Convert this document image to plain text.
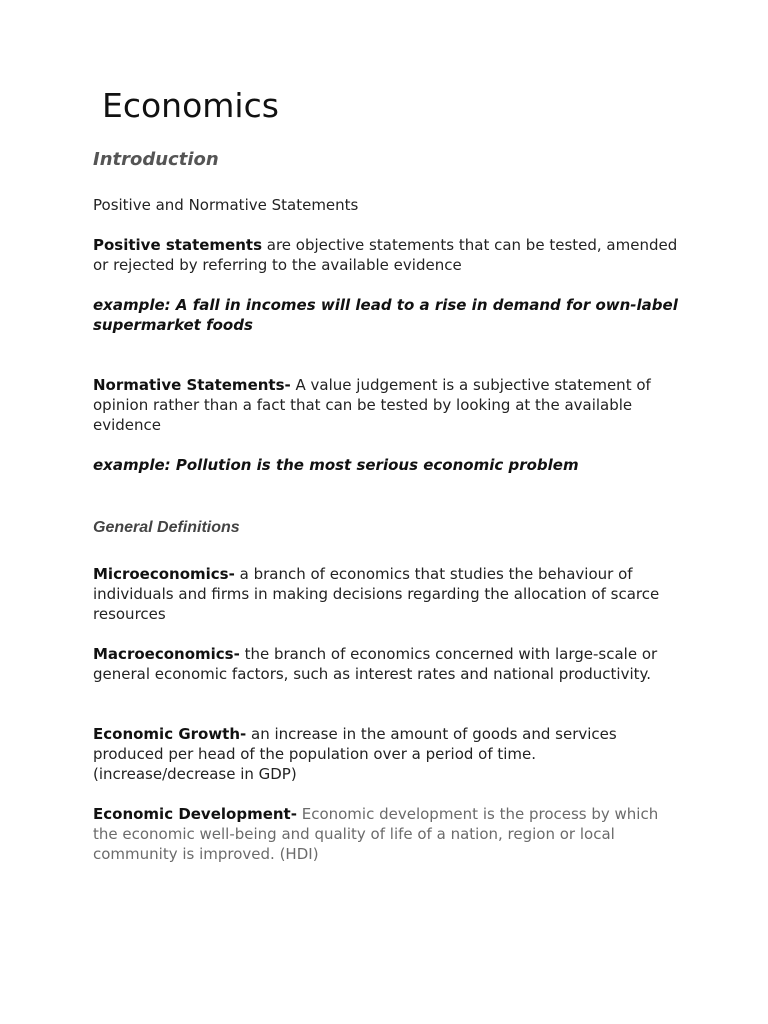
Economics
Introduction

Positive and Normative Statements

Positive statements are objective statements that can be tested, amended or rejected by referring to the available evidence

example: A fall in incomes will lead to a rise in demand for own-label supermarket foods

Normative Statements- A value judgement is a subjective statement of opinion rather than a fact that can be tested by looking at the available evidence

example: Pollution is the most serious economic problem

General Definitions

Microeconomics- a branch of economics that studies the behaviour of individuals and firms in making decisions regarding the allocation of scarce resources

Macroeconomics- the branch of economics concerned with large-scale or general economic factors, such as interest rates and national productivity.

Economic Growth- an increase in the amount of goods and services produced per head of the population over a period of time. (increase/decrease in GDP)

Economic Development- Economic development is the process by which the economic well-being and quality of life of a nation, region or local community is improved. (HDI)
